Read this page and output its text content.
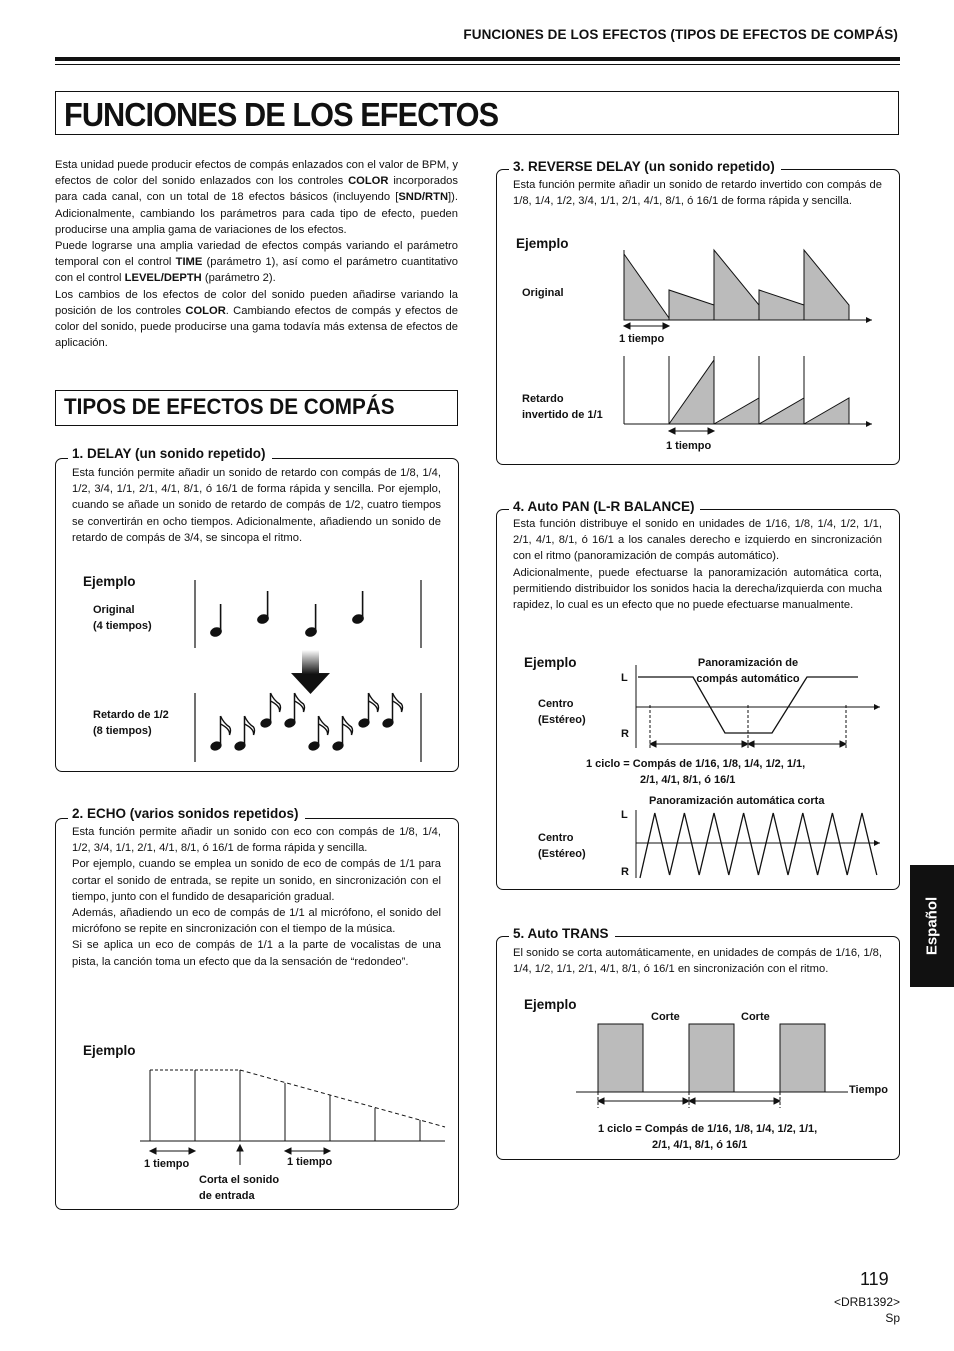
FUNCIONES DE LOS EFECTOS (TIPOS DE EFECTOS DE COMPÁS)
FUNCIONES DE LOS EFECTOS
Esta unidad puede producir efectos de compás enlazados con el valor de BPM, y efectos de color del sonido enlazados con los controles COLOR incorporados para cada canal, con un total de 18 efectos básicos (incluyendo [SND/RTN]). Adicionalmente, cambiando los parámetros para cada tipo de efecto, pueden producirse una amplia gama de variaciones de los efectos.
Puede lograrse una amplia variedad de efectos compás variando el parámetro temporal con el control TIME (parámetro 1), así como el parámetro cuantitativo con el control LEVEL/DEPTH (parámetro 2).
Los cambios de los efectos de color del sonido pueden añadirse variando la posición de los controles COLOR. Cambiando efectos de compás y efectos de color del sonido, puede producirse una gama todavía más extensa de efectos de aplicación.
TIPOS DE EFECTOS DE COMPÁS
1. DELAY (un sonido repetido)
Esta función permite añadir un sonido de retardo con compás de 1/8, 1/4, 1/2, 3/4, 1/1, 2/1, 4/1, 8/1, ó 16/1 de forma rápida y sencilla. Por ejemplo, cuando se añade un sonido de retardo de compás de 1/2, cuatro tiempos se convertirán en ocho tiempos. Adicionalmente, añadiendo un sonido de retardo de compás de 3/4, se sincopa el ritmo.
Ejemplo
Original
(4 tiempos)
Retardo de 1/2
(8 tiempos)
2. ECHO (varios sonidos repetidos)
Esta función permite añadir un sonido con eco con compás de 1/8, 1/4, 1/2, 3/4, 1/1, 2/1, 4/1, 8/1, ó 16/1 de forma rápida y sencilla.
Por ejemplo, cuando se emplea un sonido de eco de compás de 1/1 para cortar el sonido de entrada, se repite un sonido, en sincronización con el tiempo, junto con el fundido de desaparición gradual.
Además, añadiendo un eco de compás de 1/1 al micrófono, el sonido del micrófono se repite en sincronización con el tiempo de la música.
Si se aplica un eco de compás de 1/1 a la parte de vocalistas de una pista, la canción toma un efecto que da la sensación de “redondeo”.
Ejemplo
1 tiempo	1 tiempo
Corta el sonido
de entrada
3. REVERSE DELAY (un sonido repetido)
Esta función permite añadir un sonido de retardo invertido con compás de 1/8, 1/4, 1/2, 3/4, 1/1, 2/1, 4/1, 8/1, ó 16/1 de forma rápida y sencilla.
Ejemplo
Original
1 tiempo
Retardo
invertido de 1/1
1 tiempo
4. Auto PAN (L-R BALANCE)
Esta función distribuye el sonido en unidades de 1/16, 1/8, 1/4, 1/2, 1/1, 2/1, 4/1, 8/1, ó 16/1 a los canales derecho e izquierdo en sincronización con el ritmo (panoramización de compás automático).
Adicionalmente, puede efectuarse la panoramización automática corta, permitiendo distribuidor los sonidos hacia la derecha/izquierda con mucha rapidez, lo cual es un efecto que no puede efectuarse manualmente.
Ejemplo	Panoramización de
compás automático
L
Centro
(Estéreo)
R
1 ciclo = Compás de 1/16, 1/8, 1/4, 1/2, 1/1,
2/1, 4/1, 8/1, ó 16/1
Panoramización automática corta
L
Centro
(Estéreo)
R
5. Auto TRANS
El sonido se corta automáticamente, en unidades de compás de 1/16, 1/8, 1/4, 1/2, 1/1, 2/1, 4/1, 8/1, ó 16/1 en sincronización con el ritmo.
Ejemplo
Corte	Corte
Tiempo
1 ciclo = Compás de 1/16, 1/8, 1/4, 1/2, 1/1,
2/1, 4/1, 8/1, ó 16/1
Español
119
<DRB1392>
Sp
